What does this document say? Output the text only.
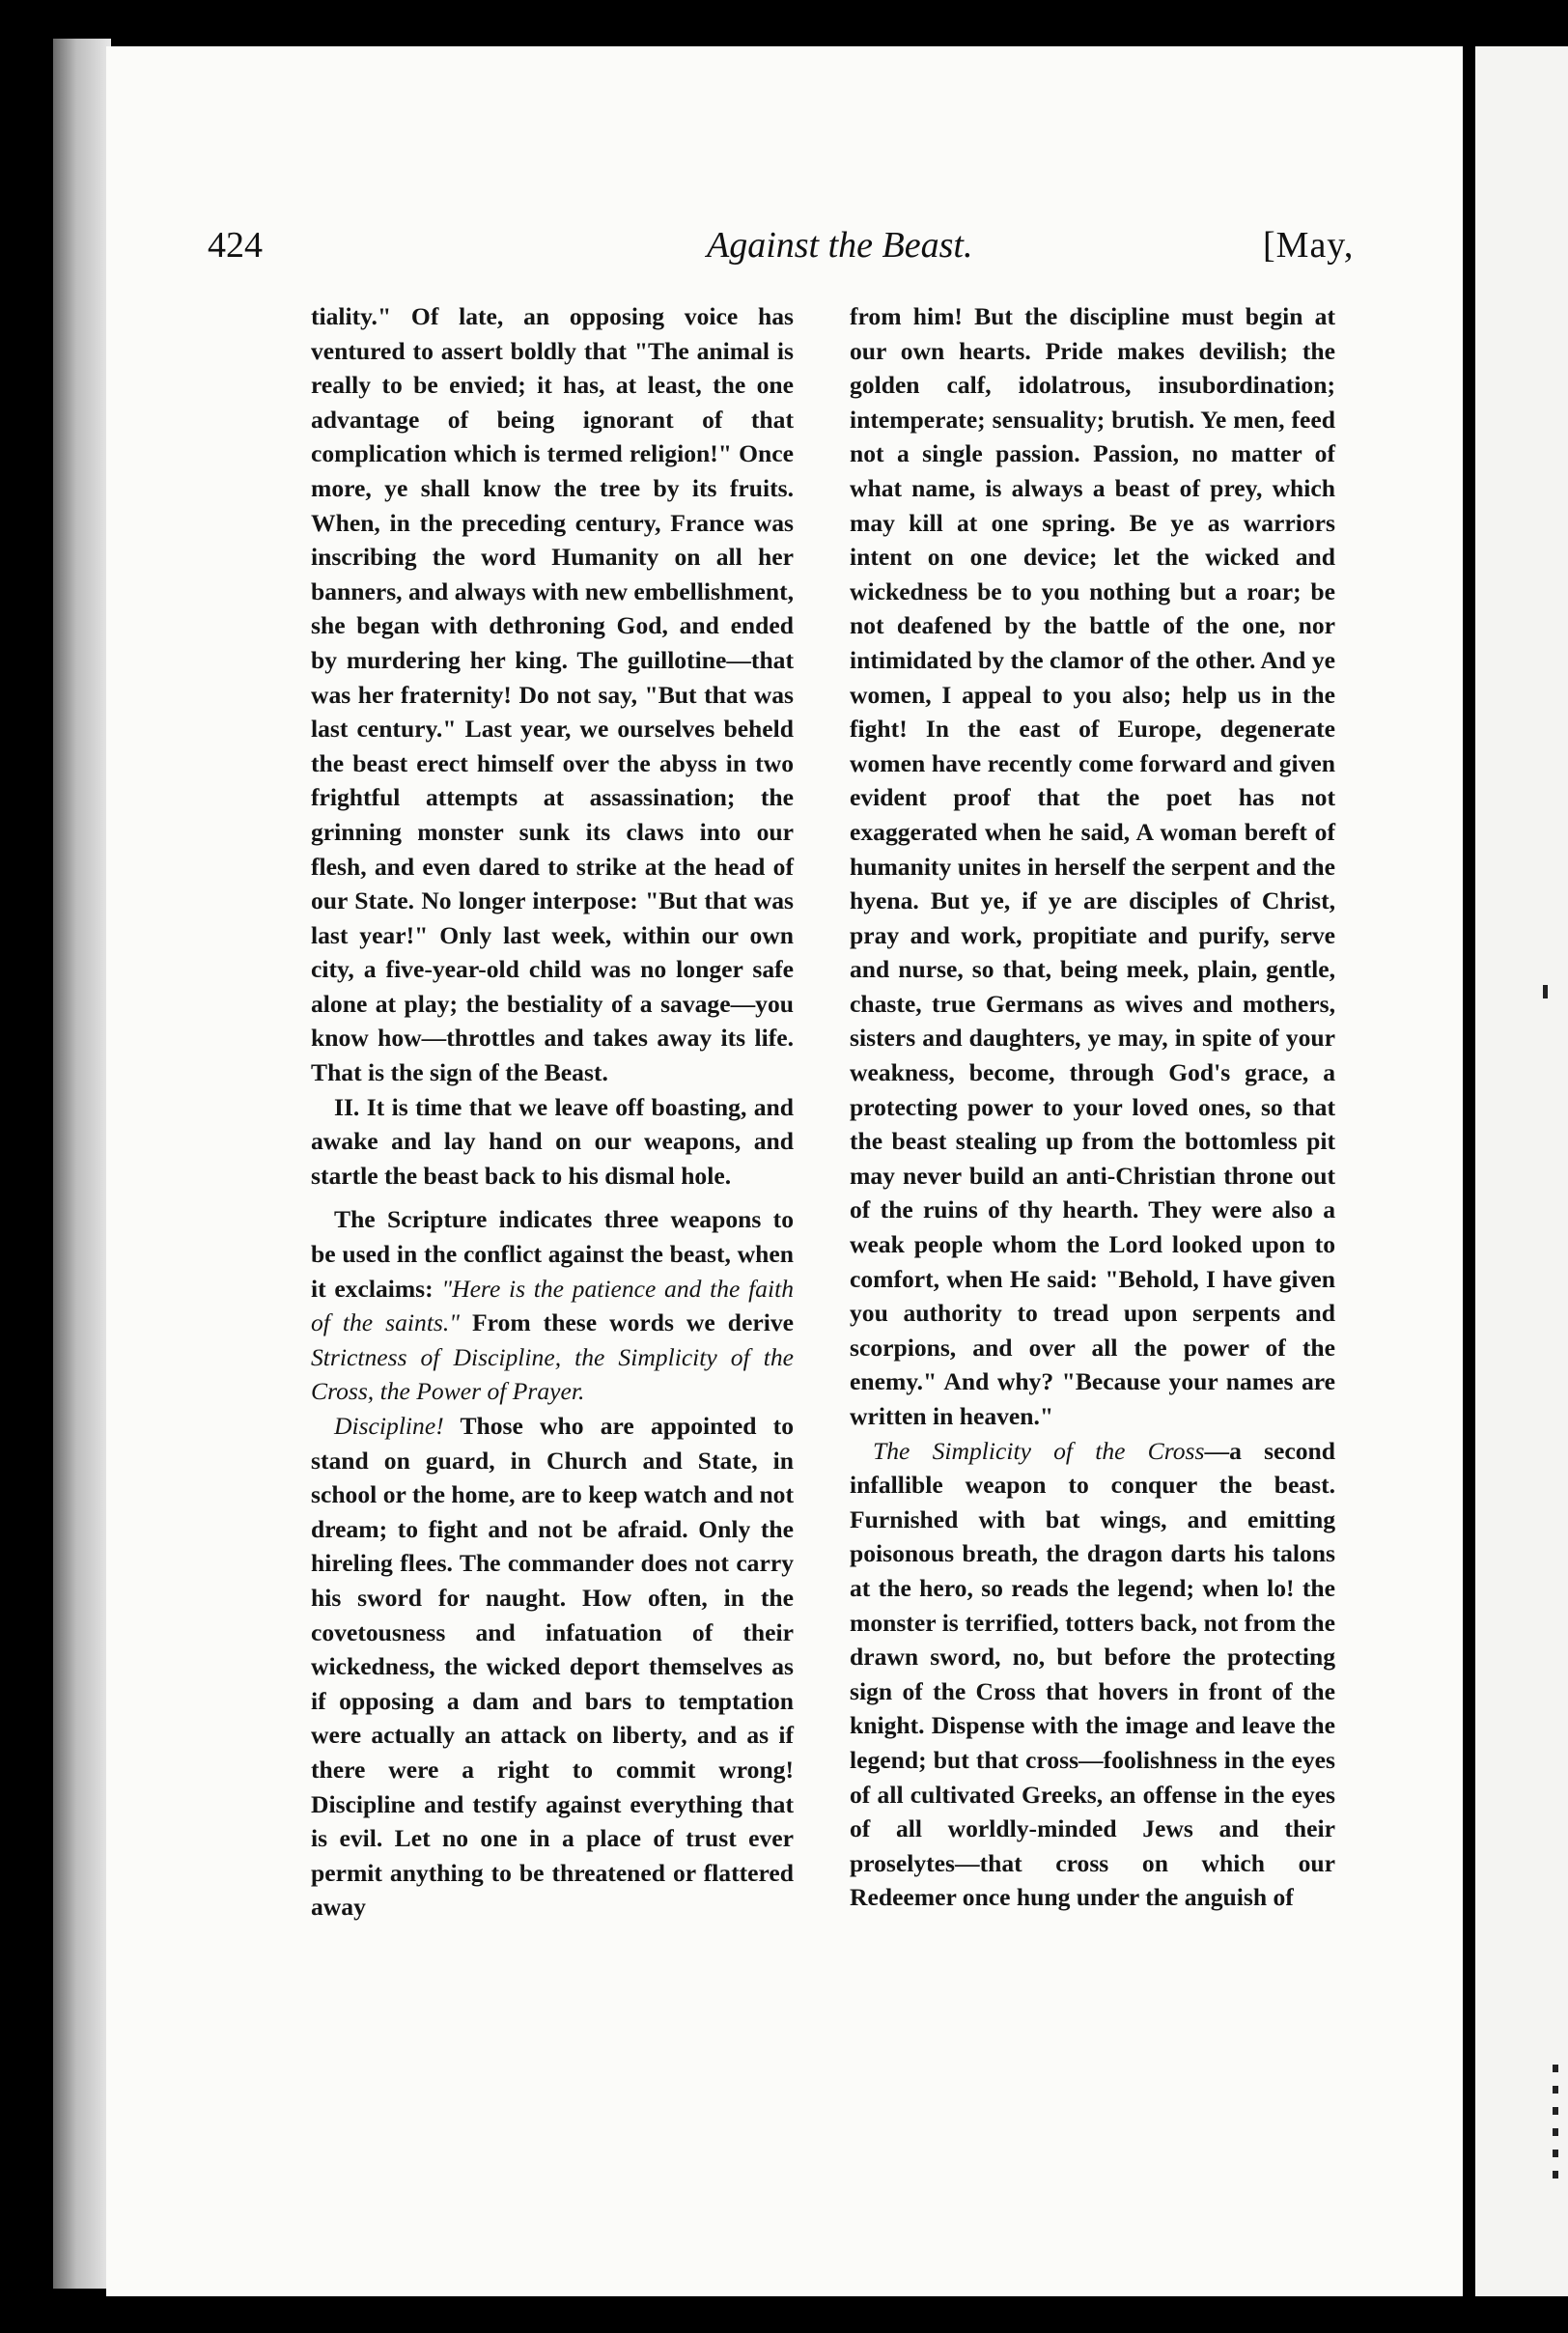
424	Against the Beast.	[May,

tiality." Of late, an opposing voice has ventured to assert boldly that "The animal is really to be envied; it has, at least, the one advantage of being ignorant of that complication which is termed religion!" Once more, ye shall know the tree by its fruits. When, in the preceding century, France was inscribing the word Humanity on all her banners, and always with new embellishment, she began with dethroning God, and ended by murdering her king. The guillotine—that was her fraternity! Do not say, "But that was last century." Last year, we ourselves beheld the beast erect himself over the abyss in two frightful attempts at assassination; the grinning monster sunk its claws into our flesh, and even dared to strike at the head of our State. No longer interpose: "But that was last year!" Only last week, within our own city, a five-year-old child was no longer safe alone at play; the bestiality of a savage—you know how—throttles and takes away its life. That is the sign of the Beast.

II. It is time that we leave off boasting, and awake and lay hand on our weapons, and startle the beast back to his dismal hole.

The Scripture indicates three weapons to be used in the conflict against the beast, when it exclaims: "Here is the patience and the faith of the saints." From these words we derive Strictness of Discipline, the Simplicity of the Cross, the Power of Prayer.

Discipline! Those who are appointed to stand on guard, in Church and State, in school or the home, are to keep watch and not dream; to fight and not be afraid. Only the hireling flees. The commander does not carry his sword for naught. How often, in the covetousness and infatuation of their wickedness, the wicked deport themselves as if opposing a dam and bars to temptation were actually an attack on liberty, and as if there were a right to commit wrong! Discipline and testify against everything that is evil. Let no one in a place of trust ever permit anything to be threatened or flattered away

from him! But the discipline must begin at our own hearts. Pride makes devilish; the golden calf, idolatrous, insubordination; intemperate; sensuality; brutish. Ye men, feed not a single passion. Passion, no matter of what name, is always a beast of prey, which may kill at one spring. Be ye as warriors intent on one device; let the wicked and wickedness be to you nothing but a roar; be not deafened by the battle of the one, nor intimidated by the clamor of the other. And ye women, I appeal to you also; help us in the fight! In the east of Europe, degenerate women have recently come forward and given evident proof that the poet has not exaggerated when he said, A woman bereft of humanity unites in herself the serpent and the hyena. But ye, if ye are disciples of Christ, pray and work, propitiate and purify, serve and nurse, so that, being meek, plain, gentle, chaste, true Germans as wives and mothers, sisters and daughters, ye may, in spite of your weakness, become, through God's grace, a protecting power to your loved ones, so that the beast stealing up from the bottomless pit may never build an anti-Christian throne out of the ruins of thy hearth. They were also a weak people whom the Lord looked upon to comfort, when He said: "Behold, I have given you authority to tread upon serpents and scorpions, and over all the power of the enemy." And why? "Because your names are written in heaven."

The Simplicity of the Cross—a second infallible weapon to conquer the beast. Furnished with bat wings, and emitting poisonous breath, the dragon darts his talons at the hero, so reads the legend; when lo! the monster is terrified, totters back, not from the drawn sword, no, but before the protecting sign of the Cross that hovers in front of the knight. Dispense with the image and leave the legend; but that cross—foolishness in the eyes of all cultivated Greeks, an offense in the eyes of all worldly-minded Jews and their proselytes—that cross on which our Redeemer once hung under the anguish of
